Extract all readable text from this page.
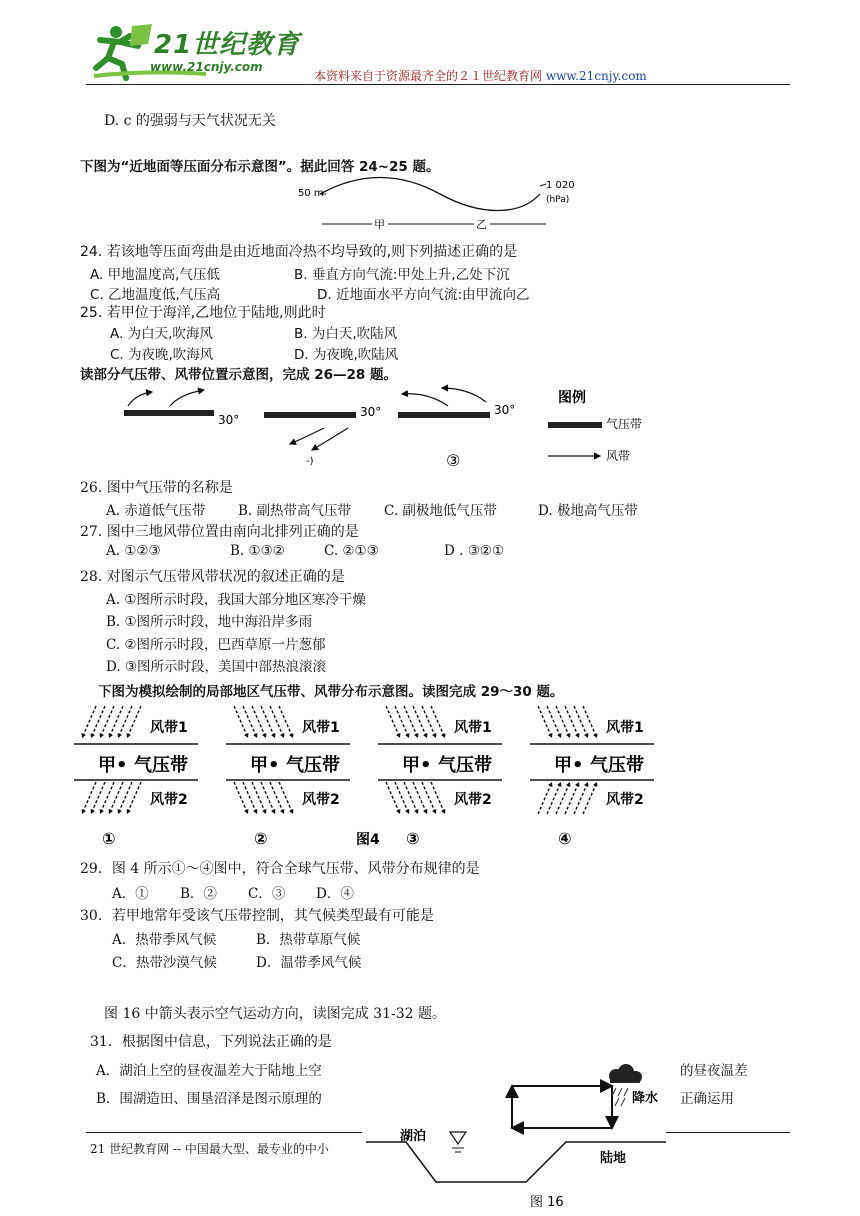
21世纪教育
www.21cnjy.com
本资料来自于资源最齐全的２１世纪教育网 www.21cnjy.com
D. c 的强弱与天气状况无关
下图为“近地面等压面分布示意图”。据此回答 24~25 题。
50 m
1 020
(hPa)
甲	乙
24. 若该地等压面弯曲是由近地面冷热不均导致的,则下列描述正确的是
A. 甲地温度高,气压低	B. 垂直方向气流:甲处上升,乙处下沉
C. 乙地温度低,气压高	D. 近地面水平方向气流:由甲流向乙
25. 若甲位于海洋,乙地位于陆地,则此时
A. 为白天,吹海风	B. 为白天,吹陆风
C. 为夜晚,吹海风	D. 为夜晚,吹陆风
读部分气压带、风带位置示意图，完成 26—28 题。
30°
30°
-)
30°
③
图例
气压带
风带
26. 图中气压带的名称是
A. 赤道低气压带 B. 副热带高气压带 C. 副极地低气压带	D. 极地高气压带
27. 图中三地风带位置由南向北排列正确的是
A. ①②③	B. ①③②	C. ②①③	D . ③②①
28. 对图示气压带风带状况的叙述正确的是
A. ①图所示时段，我国大部分地区寒冷干燥
B. ①图所示时段，地中海沿岸多雨
C. ②图所示时段，巴西草原一片葱郁
D. ③图所示时段，美国中部热浪滚滚
下图为模拟绘制的局部地区气压带、风带分布示意图。读图完成 29～30 题。
风带1
风带2
甲• 气压带
①
风带1
风带2
甲• 气压带
②
风带1
风带2
甲• 气压带
③
风带1
风带2
甲• 气压带
④
图4
29．图 4 所示①～④图中，符合全球气压带、风带分布规律的是
A．① B．② C．③ D．④
30．若甲地常年受该气压带控制，其气候类型最有可能是
A．热带季风气候	B．热带草原气候
C．热带沙漠气候	D．温带季风气候
图 16 中箭头表示空气运动方向，读图完成 31-32 题。
31．根据图中信息，下列说法正确的是
A．湖泊上空的昼夜温差大于陆地上空	的昼夜温差
B．围湖造田、围垦沼泽是图示原理的	正确运用
21 世纪教育网 -- 中国最大型、最专业的中小
降水
湖泊
陆地
图 16
